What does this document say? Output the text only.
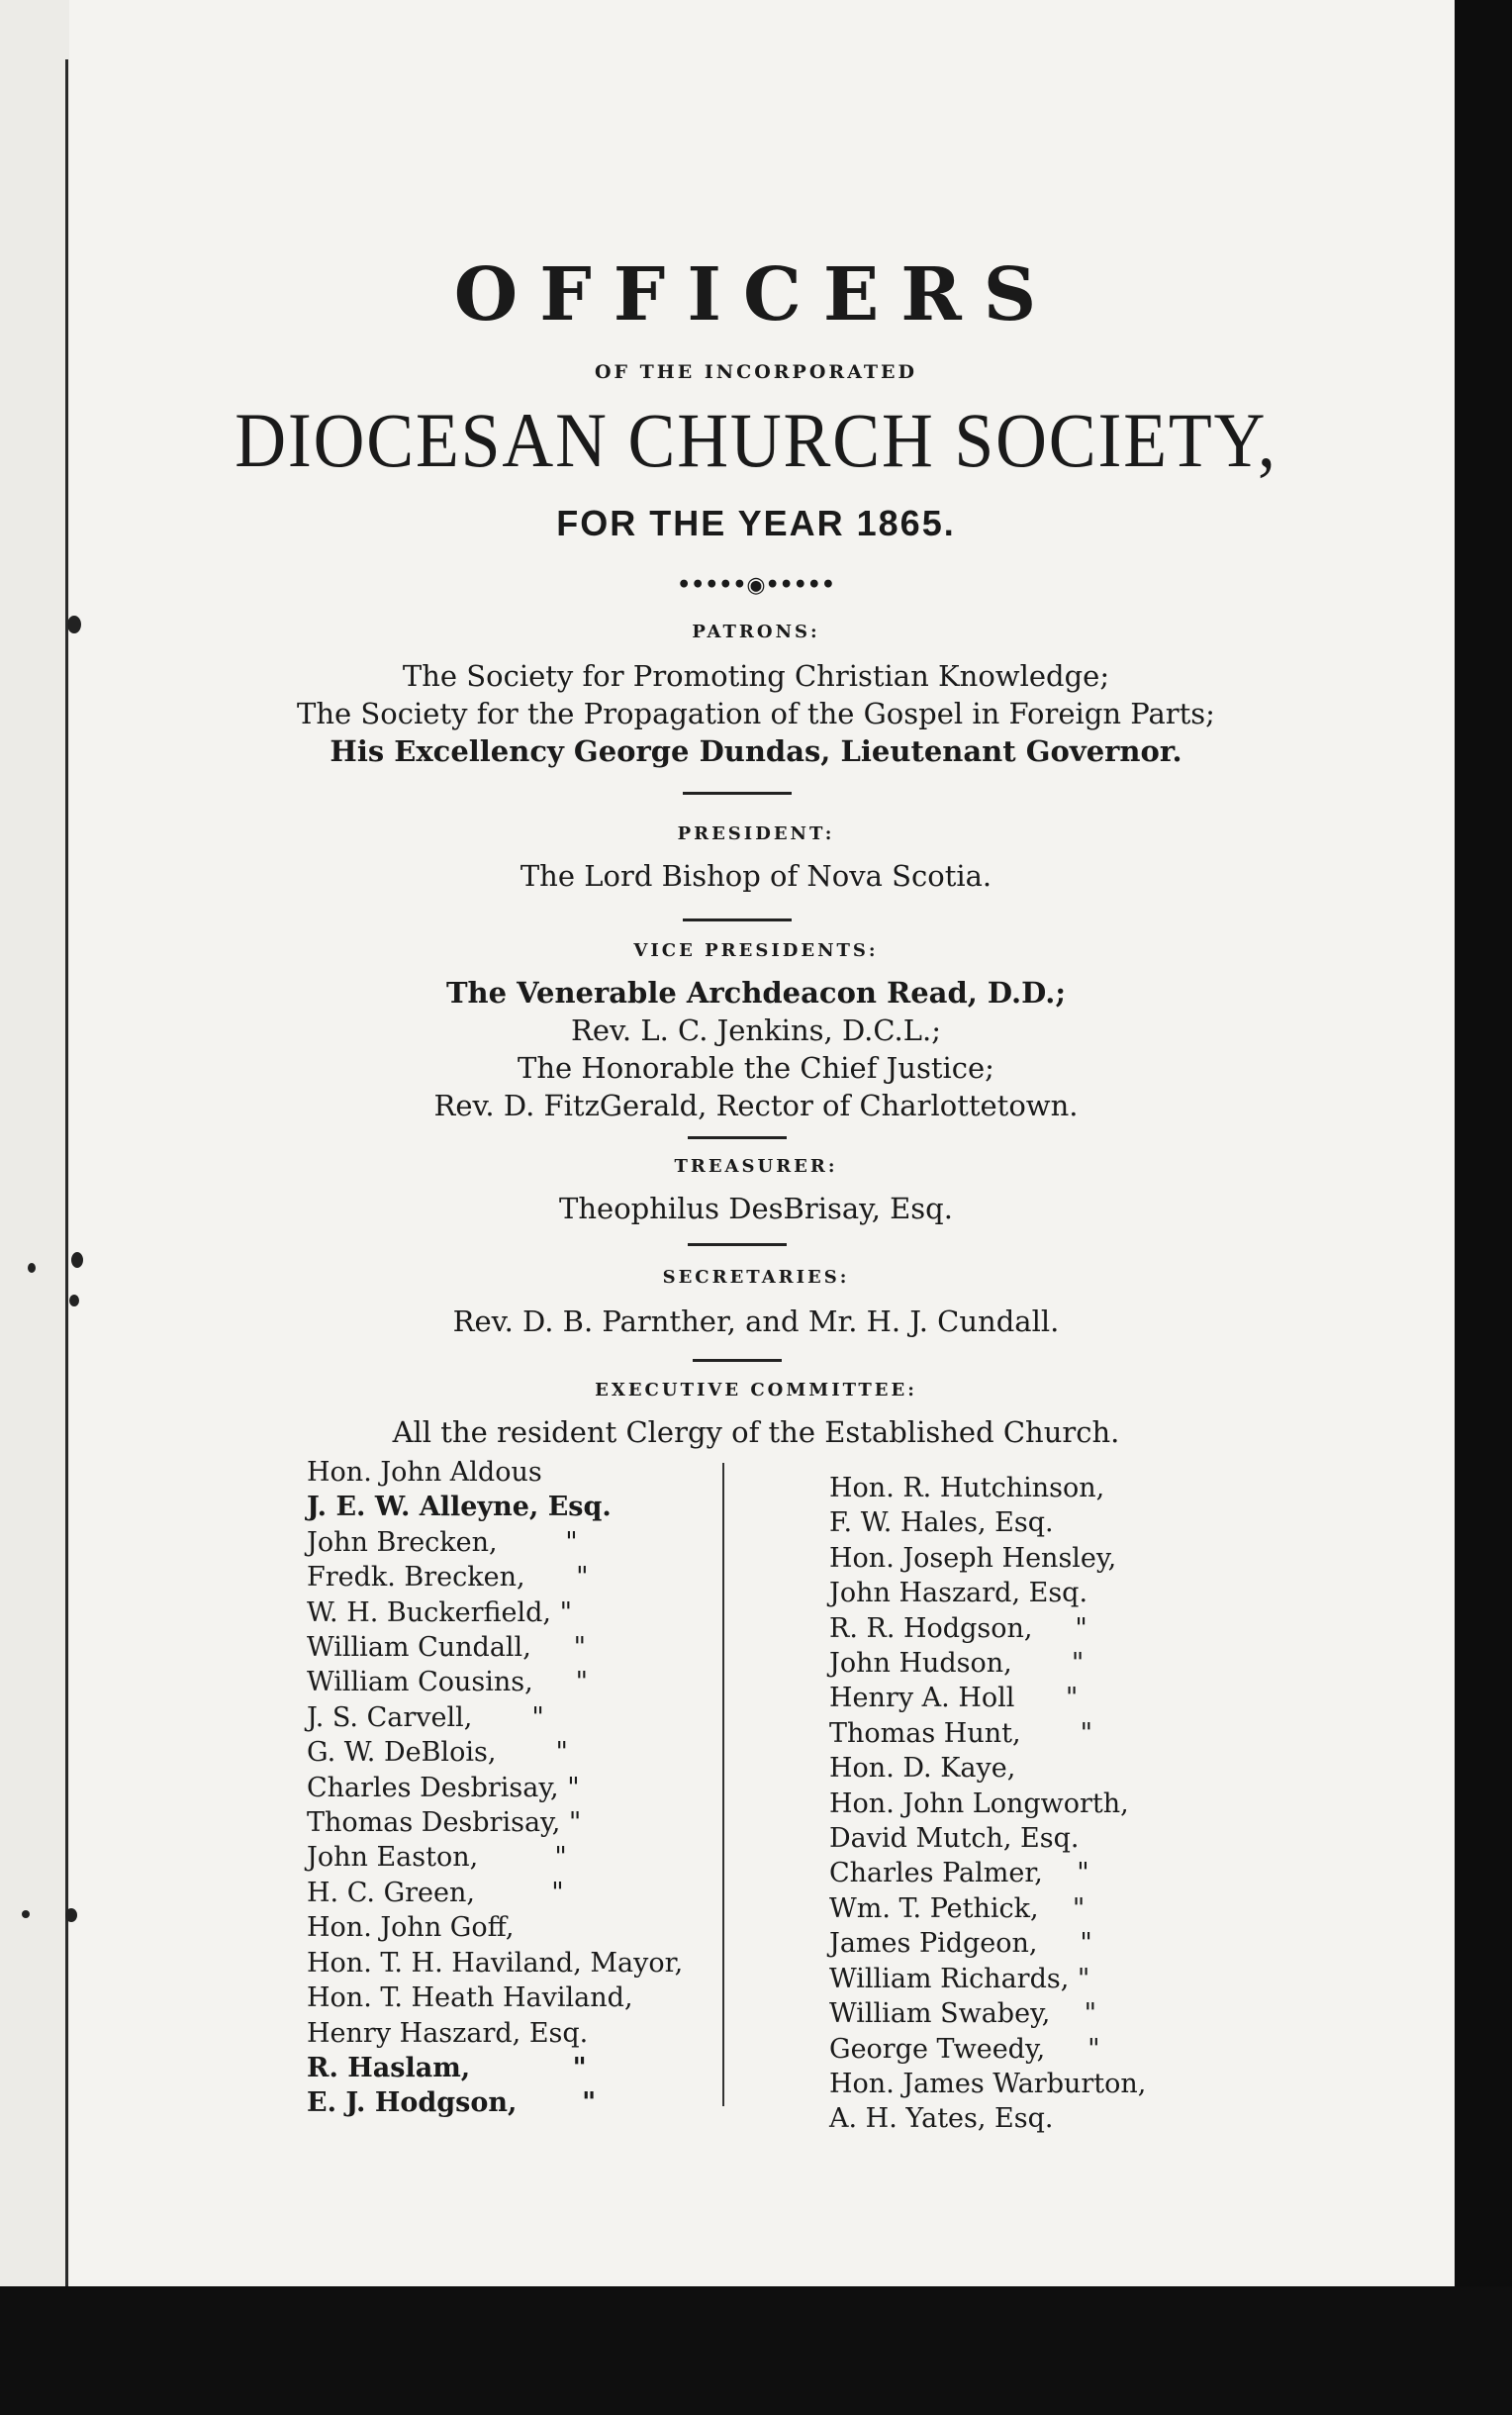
OFFICERS
OF THE INCORPORATED
DIOCESAN CHURCH SOCIETY,
FOR THE YEAR 1865.
•••••◉•••••
PATRONS:
The Society for Promoting Christian Knowledge;
The Society for the Propagation of the Gospel in Foreign Parts;
His Excellency George Dundas, Lieutenant Governor.
PRESIDENT:
The Lord Bishop of Nova Scotia.
VICE PRESIDENTS:
The Venerable Archdeacon Read, D.D.;
Rev. L. C. Jenkins, D.C.L.;
The Honorable the Chief Justice;
Rev. D. FitzGerald, Rector of Charlottetown.
TREASURER:
Theophilus DesBrisay, Esq.
SECRETARIES:
Rev. D. B. Parnther, and Mr. H. J. Cundall.
EXECUTIVE COMMITTEE:
All the resident Clergy of the Established Church.
Hon. John Aldous
J. E. W. Alleyne, Esq.
John Brecken,        "
Fredk. Brecken,      "
W. H. Buckerfield, "
William Cundall,     "
William Cousins,     "
J. S. Carvell,       "
G. W. DeBlois,       "
Charles Desbrisay, "
Thomas Desbrisay, "
John Easton,         "
H. C. Green,         "
Hon. John Goff,
Hon. T. H. Haviland, Mayor,
Hon. T. Heath Haviland,
Henry Haszard, Esq.
R. Haslam,           "
E. J. Hodgson,       "
Hon. R. Hutchinson,
F. W. Hales, Esq.
Hon. Joseph Hensley,
John Haszard, Esq.
R. R. Hodgson,     "
John Hudson,       "
Henry A. Holl      "
Thomas Hunt,       "
Hon. D. Kaye,
Hon. John Longworth,
David Mutch, Esq.
Charles Palmer,    "
Wm. T. Pethick,    "
James Pidgeon,     "
William Richards, "
William Swabey,    "
George Tweedy,     "
Hon. James Warburton,
A. H. Yates, Esq.
